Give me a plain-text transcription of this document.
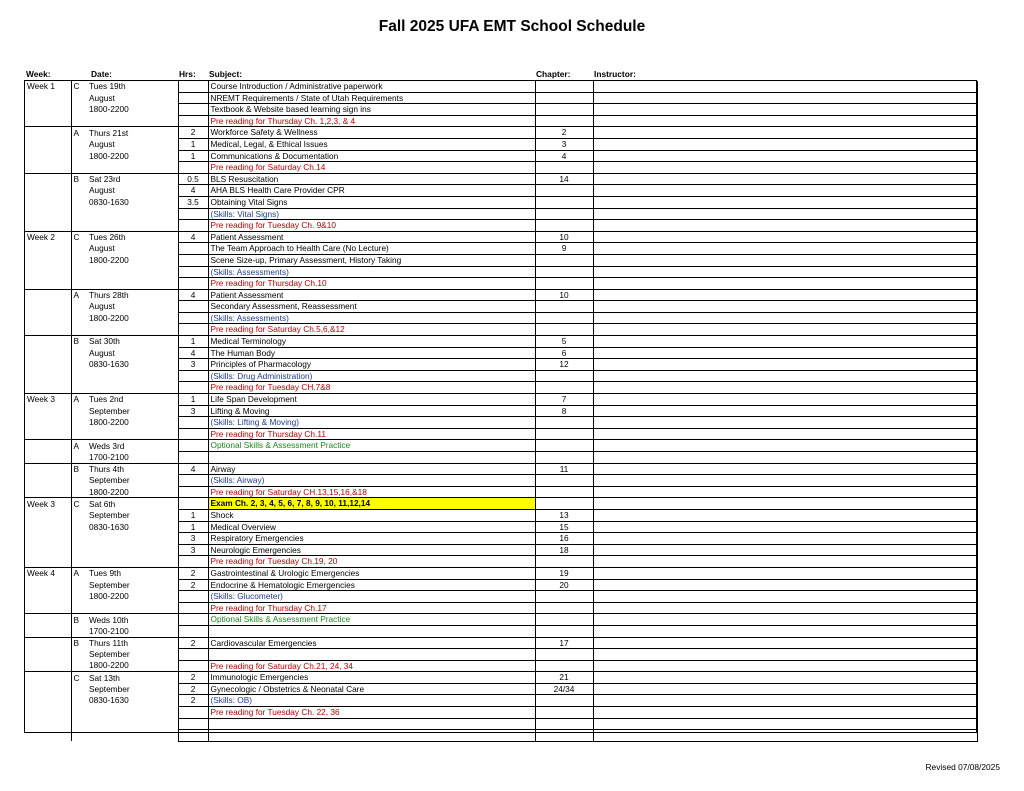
Fall 2025 UFA EMT School Schedule
Week:	Date:	Hrs: Subject:	Chapter:	Instructor:
Week 1	C	Tues 19th		Course Introduction / Administrative paperwork		
		August		NREMT Requirements / State of Utah Requirements		
		1800-2200		Textbook & Website based learning sign ins		
				Pre reading for Thursday Ch. 1,2,3, & 4		
	A	Thurs 21st	2	Workforce Safety & Wellness	2	
		August	1	Medical, Legal, & Ethical Issues	3	
		1800-2200	1	Communications & Documentation	4	
				Pre reading for Saturday Ch.14		
	B	Sat 23rd	0.5	BLS Resuscitation	14	
		August	4	AHA BLS Health Care Provider CPR		
		0830-1630	3.5	Obtaining Vital Signs		
				(Skills: Vital Signs)		
				Pre reading for Tuesday Ch. 9&10		
Week 2	C	Tues 26th	4	Patient Assessment	10	
		August		The Team Approach to Health Care (No Lecture)	9	
		1800-2200		Scene Size-up, Primary Assessment, History Taking		
				(Skills: Assessments)		
				Pre reading for Thursday Ch.10		
	A	Thurs 28th	4	Patient Assessment	10	
		August		Secondary Assessment, Reassessment		
		1800-2200		(Skills: Assessments)		
				Pre reading for Saturday Ch.5,6,&12		
	B	Sat 30th	1	Medical Terminology	5	
		August	4	The Human Body	6	
		0830-1630	3	Principles of Pharmacology	12	
				(Skills: Drug Administration)		
				Pre reading for Tuesday CH.7&8		
Week 3	A	Tues 2nd	1	Life Span Development	7	
		September	3	Lifting & Moving	8	
		1800-2200		(Skills: Lifting & Moving)		
				Pre reading for Thursday Ch.11		
	A	Weds 3rd		Optional Skills & Assessment Practice		
		1700-2100				
	B	Thurs 4th	4	Airway	11	
		September		(Skills: Airway)		
		1800-2200		Pre reading for Saturday CH.13,15,16,&18		
Week 3	C	Sat 6th		Exam Ch. 2, 3, 4, 5, 6, 7, 8, 9, 10, 11,12,14		
		September	1	Shock	13	
		0830-1630	1	Medical Overview	15	
			3	Respiratory Emergencies	16	
			3	Neurologic Emergencies	18	
				Pre reading for Tuesday Ch.19, 20		
Week 4	A	Tues 9th	2	Gastrointestinal & Urologic Emergencies	19	
		September	2	Endocrine & Hematologic Emergencies	20	
		1800-2200		(Skills: Glucometer)		
				Pre reading for Thursday Ch.17		
	B	Weds 10th		Optional Skills & Assessment Practice		
		1700-2100				
	B	Thurs 11th	2	Cardiovascular Emergencies	17	
		September				
		1800-2200		Pre reading for Saturday Ch.21, 24, 34		
	C	Sat 13th	2	Immunologic Emergencies	21	
		September	2	Gynecologic / Obstetrics & Neonatal Care	24/34	
		0830-1630	2	(Skills: OB)		
				Pre reading for Tuesday Ch. 22, 36		

Revised 07/08/2025
